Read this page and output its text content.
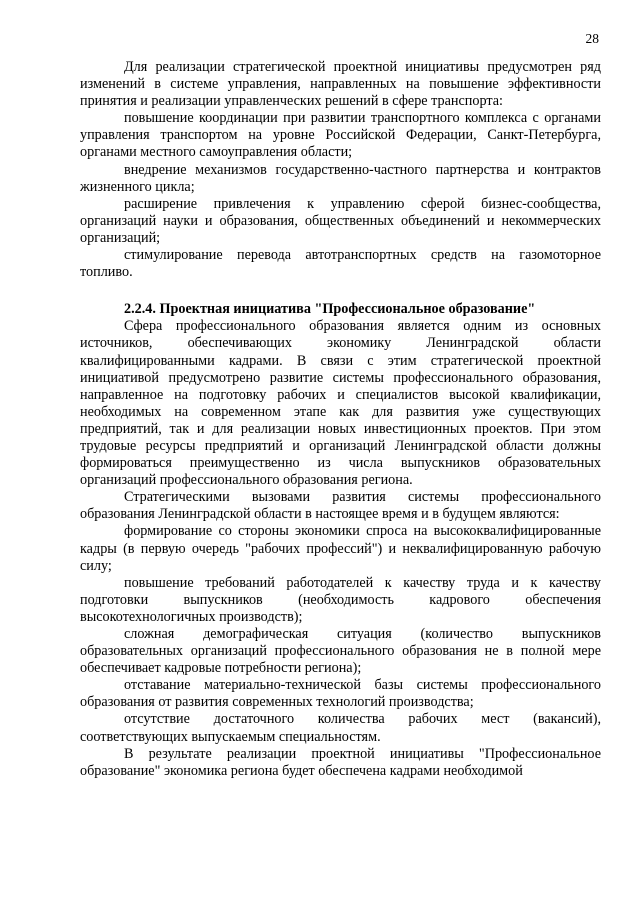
28

Для реализации стратегической проектной инициативы предусмотрен ряд изменений в системе управления, направленных на повышение эффективности принятия и реализации управленческих решений в сфере транспорта:

повышение координации при развитии транспортного комплекса с органами управления транспортом на уровне Российской Федерации, Санкт-Петербурга, органами местного самоуправления области;

внедрение механизмов государственно-частного партнерства и контрактов жизненного цикла;

расширение привлечения к управлению сферой бизнес-сообщества, организаций науки и образования, общественных объединений и некоммерческих организаций;

стимулирование перевода автотранспортных средств на газомоторное топливо.

2.2.4. Проектная инициатива "Профессиональное образование"

Сфера профессионального образования является одним из основных источников, обеспечивающих экономику Ленинградской области квалифицированными кадрами. В связи с этим стратегической проектной инициативой предусмотрено развитие системы профессионального образования, направленное на подготовку рабочих и специалистов высокой квалификации, необходимых на современном этапе как для развития уже существующих предприятий, так и для реализации новых инвестиционных проектов. При этом трудовые ресурсы предприятий и организаций Ленинградской области должны формироваться преимущественно из числа выпускников образовательных организаций профессионального образования региона.

Стратегическими вызовами развития системы профессионального образования Ленинградской области в настоящее время и в будущем являются:

формирование со стороны экономики спроса на высококвалифицированные кадры (в первую очередь "рабочих профессий") и неквалифицированную рабочую силу;

повышение требований работодателей к качеству труда и к качеству подготовки выпускников (необходимость кадрового обеспечения высокотехнологичных производств);

сложная демографическая ситуация (количество выпускников образовательных организаций профессионального образования не в полной мере обеспечивает кадровые потребности региона);

отставание материально-технической базы системы профессионального образования от развития современных технологий производства;

отсутствие достаточного количества рабочих мест (вакансий), соответствующих выпускаемым специальностям.

В результате реализации проектной инициативы "Профессиональное образование" экономика региона будет обеспечена кадрами необходимой
